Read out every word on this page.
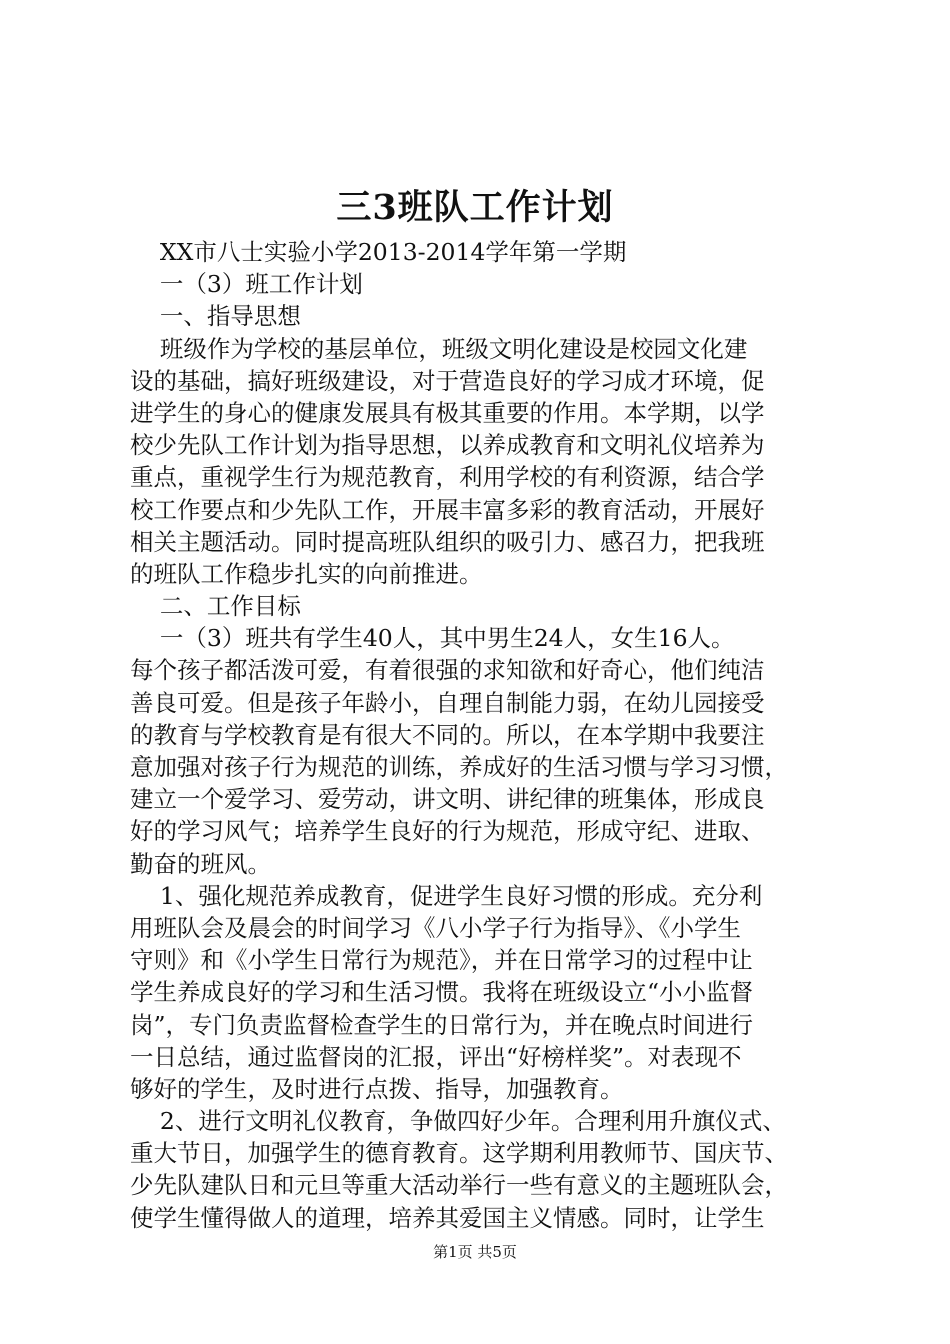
三3班队工作计划

XX市八士实验小学2013-2014学年第一学期

一（3）班工作计划

一、指导思想

班级作为学校的基层单位，班级文明化建设是校园文化建

设的基础，搞好班级建设，对于营造良好的学习成才环境，促

进学生的身心的健康发展具有极其重要的作用。本学期，以学

校少先队工作计划为指导思想，以养成教育和文明礼仪培养为

重点，重视学生行为规范教育，利用学校的有利资源，结合学

校工作要点和少先队工作，开展丰富多彩的教育活动，开展好

相关主题活动。同时提高班队组织的吸引力、感召力，把我班

的班队工作稳步扎实的向前推进。

二、工作目标

一（3）班共有学生40人，其中男生24人，女生16人。

每个孩子都活泼可爱，有着很强的求知欲和好奇心，他们纯洁

善良可爱。但是孩子年龄小，自理自制能力弱，在幼儿园接受

的教育与学校教育是有很大不同的。所以，在本学期中我要注

意加强对孩子行为规范的训练，养成好的生活习惯与学习习惯，

建立一个爱学习、爱劳动，讲文明、讲纪律的班集体，形成良

好的学习风气；培养学生良好的行为规范，形成守纪、进取、

勤奋的班风。

1、强化规范养成教育，促进学生良好习惯的形成。充分利

用班队会及晨会的时间学习《八小学子行为指导》、《小学生

守则》和《小学生日常行为规范》，并在日常学习的过程中让

学生养成良好的学习和生活习惯。我将在班级设立“小小监督

岗”，专门负责监督检查学生的日常行为，并在晚点时间进行

一日总结，通过监督岗的汇报，评出“好榜样奖”。对表现不

够好的学生，及时进行点拨、指导，加强教育。

2、进行文明礼仪教育，争做四好少年。合理利用升旗仪式、

重大节日，加强学生的德育教育。这学期利用教师节、国庆节、

少先队建队日和元旦等重大活动举行一些有意义的主题班队会，

使学生懂得做人的道理，培养其爱国主义情感。同时，让学生

第1页 共5页
